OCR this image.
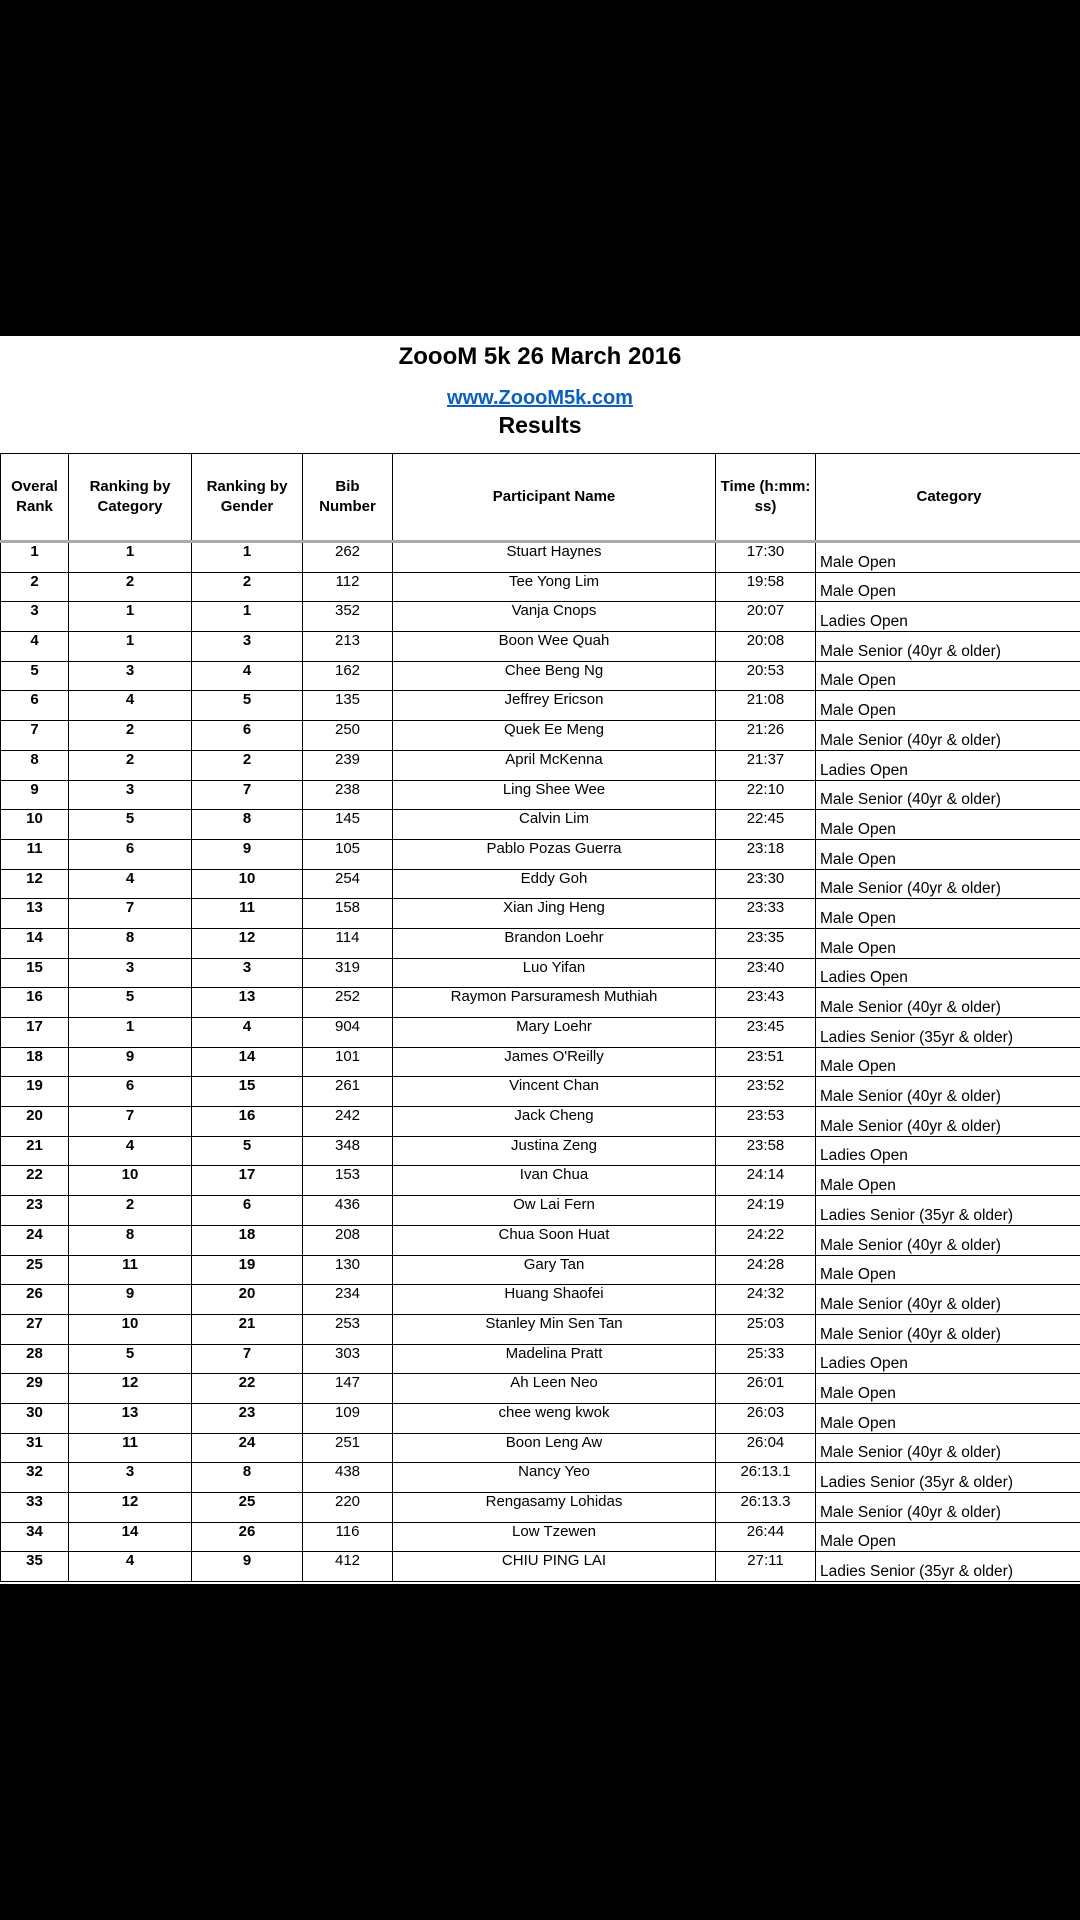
ZoooM 5k 26 March 2016
www.ZoooM5k.com
Results
Overal Rank	Ranking by Category	Ranking by Gender	Bib Number	Participant Name	Time (h:mm: ss)	Category
1	1	1	262	Stuart Haynes	17:30	Male Open
2	2	2	112	Tee Yong Lim	19:58	Male Open
3	1	1	352	Vanja Cnops	20:07	Ladies Open
4	1	3	213	Boon Wee Quah	20:08	Male Senior (40yr & older)
5	3	4	162	Chee Beng Ng	20:53	Male Open
6	4	5	135	Jeffrey Ericson	21:08	Male Open
7	2	6	250	Quek Ee Meng	21:26	Male Senior (40yr & older)
8	2	2	239	April McKenna	21:37	Ladies Open
9	3	7	238	Ling Shee Wee	22:10	Male Senior (40yr & older)
10	5	8	145	Calvin Lim	22:45	Male Open
11	6	9	105	Pablo Pozas Guerra	23:18	Male Open
12	4	10	254	Eddy Goh	23:30	Male Senior (40yr & older)
13	7	11	158	Xian Jing Heng	23:33	Male Open
14	8	12	114	Brandon Loehr	23:35	Male Open
15	3	3	319	Luo Yifan	23:40	Ladies Open
16	5	13	252	Raymon Parsuramesh Muthiah	23:43	Male Senior (40yr & older)
17	1	4	904	Mary Loehr	23:45	Ladies Senior (35yr & older)
18	9	14	101	James O'Reilly	23:51	Male Open
19	6	15	261	Vincent Chan	23:52	Male Senior (40yr & older)
20	7	16	242	Jack Cheng	23:53	Male Senior (40yr & older)
21	4	5	348	Justina Zeng	23:58	Ladies Open
22	10	17	153	Ivan Chua	24:14	Male Open
23	2	6	436	Ow Lai Fern	24:19	Ladies Senior (35yr & older)
24	8	18	208	Chua Soon Huat	24:22	Male Senior (40yr & older)
25	11	19	130	Gary Tan	24:28	Male Open
26	9	20	234	Huang Shaofei	24:32	Male Senior (40yr & older)
27	10	21	253	Stanley Min Sen Tan	25:03	Male Senior (40yr & older)
28	5	7	303	Madelina Pratt	25:33	Ladies Open
29	12	22	147	Ah Leen Neo	26:01	Male Open
30	13	23	109	chee weng kwok	26:03	Male Open
31	11	24	251	Boon Leng Aw	26:04	Male Senior (40yr & older)
32	3	8	438	Nancy Yeo	26:13.1	Ladies Senior (35yr & older)
33	12	25	220	Rengasamy Lohidas	26:13.3	Male Senior (40yr & older)
34	14	26	116	Low Tzewen	26:44	Male Open
35	4	9	412	CHIU PING LAI	27:11	Ladies Senior (35yr & older)
